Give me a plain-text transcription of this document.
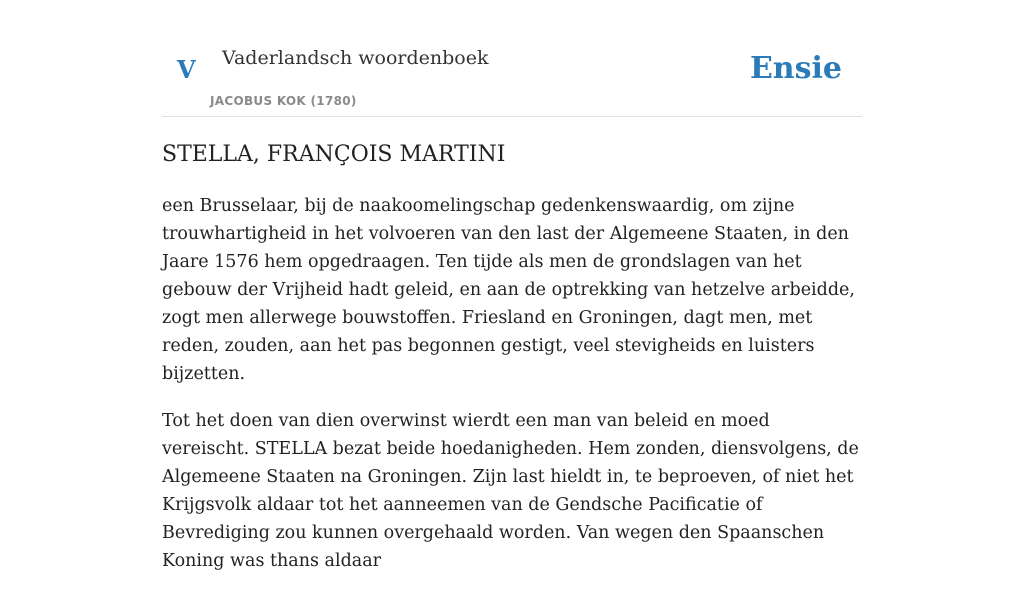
V Vaderlandsch woordenboek
JACOBUS KOK (1780)
Ensie
STELLA, FRANÇOIS MARTINI

een Brusselaar, bij de naakoomelingschap gedenkenswaardig, om zijne trouwhartigheid in het volvoeren van den last der Algemeene Staaten, in den Jaare 1576 hem opgedraagen. Ten tijde als men de grondslagen van het gebouw der Vrijheid hadt geleid, en aan de optrekking van hetzelve arbeidde, zogt men allerwege bouwstoffen. Friesland en Groningen, dagt men, met reden, zouden, aan het pas begonnen gestigt, veel stevigheids en luisters bijzetten.

Tot het doen van dien overwinst wierdt een man van beleid en moed vereischt. STELLA bezat beide hoedanigheden. Hem zonden, diensvolgens, de Algemeene Staaten na Groningen. Zijn last hieldt in, te beproeven, of niet het Krijgsvolk aldaar tot het aanneemen van de Gendsche Pacificatie of Bevrediging zou kunnen overgehaald worden. Van wegen den Spaanschen Koning was thans aldaar
